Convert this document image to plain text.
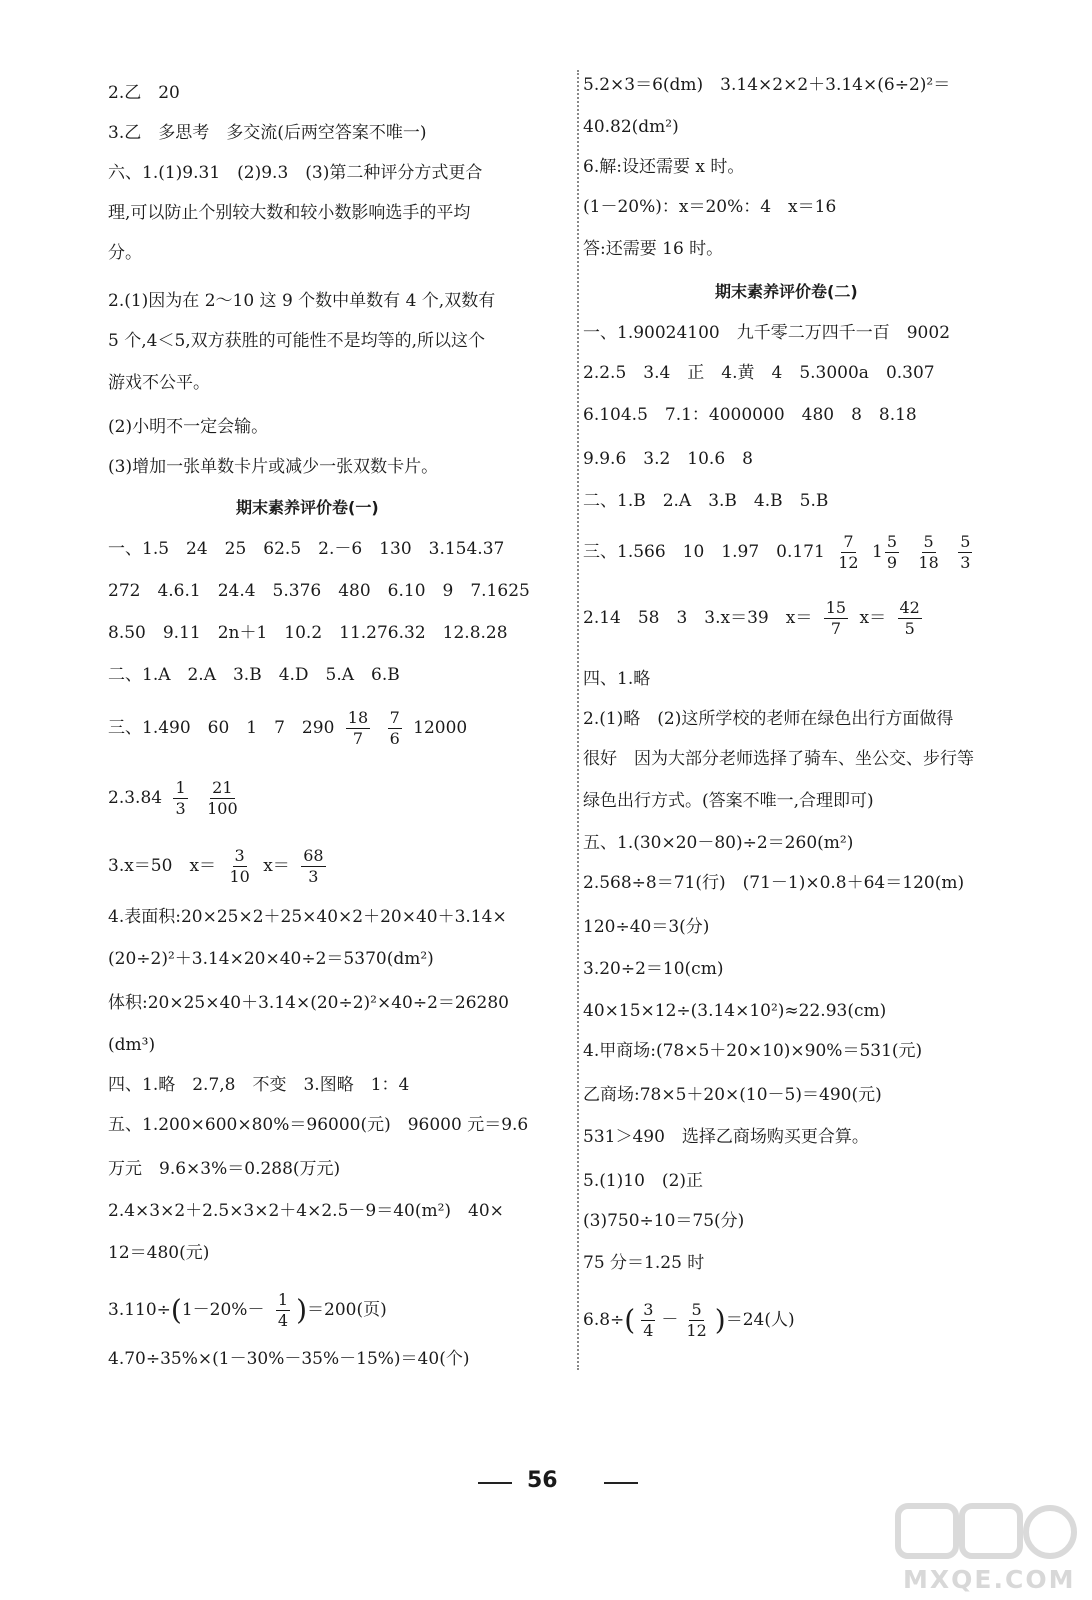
2.乙　20
3.乙　多思考　多交流(后两空答案不唯一)
六、1.(1)9.31　(2)9.3　(3)第二种评分方式更合
理,可以防止个别较大数和较小数影响选手的平均
分。
2.(1)因为在 2～10 这 9 个数中单数有 4 个,双数有
5 个,4＜5,双方获胜的可能性不是均等的,所以这个
游戏不公平。
(2)小明不一定会输。
(3)增加一张单数卡片或减少一张双数卡片。
期末素养评价卷(一)
一、1.5　24　25　62.5　2.－6　130　3.154.37
272　4.6.1　24.4　5.376　480　6.10　9　7.1625
8.50　9.11　2n＋1　10.2　11.276.32　12.8.28
二、1.A　2.A　3.B　4.D　5.A　6.B
三、1.490　60　1　7　$290 \frac{18}{7}$
$\frac{7}{6} 12000$
$2.3.84 \frac{1}{3}$
$\frac{21}{100}$
3.x＝50　$x= \frac{3}{10} x= \frac{68}{3}$
4.表面积:20×25×2＋25×40×2＋20×40＋3.14×
(20÷2)²＋3.14×20×40÷2＝5370(dm²)
体积:20×25×40＋3.14×(20÷2)²×40÷2＝26280
(dm³)
四、1.略　2.7,8　不变　3.图略　1：4
五、1.200×600×80%＝96000(元)　96000 元＝9.6
万元　9.6×3%＝0.288(万元)
2.4×3×2＋2.5×3×2＋4×2.5－9＝40(m²)　40×
12＝480(元)
$3.110\div(1-20\%- \frac{1}{4} )=200$(页)
4.70÷35%×(1－30%－35%－15%)＝40(个)
5.2×3＝6(dm)　3.14×2×2＋3.14×(6÷2)²＝
40.82(dm²)
6.解:设还需要 x 时。
(1－20%)：x＝20%：4　x＝16
答:还需要 16 时。
期末素养评价卷(二)
一、1.90024100　九千零二万四千一百　9002
2.2.5　3.4　正　4.黄　4　5.3000a　0.307
6.104.5　7.1：4000000　480　8　8.18
9.9.6　3.2　10.6　8
二、1.B　2.A　3.B　4.B　5.B
三、1.566　10　1.97　$0.171 \frac{7}{12} 1 \frac{5}{9}$
$\frac{5}{18}$
$\frac{5}{3}$
2.14　58　3　3.x＝39　$x= \frac{15}{7} x= \frac{42}{5}$
四、1.略
2.(1)略　(2)这所学校的老师在绿色出行方面做得
很好　因为大部分老师选择了骑车、坐公交、步行等
绿色出行方式。(答案不唯一,合理即可)
五、1.(30×20－80)÷2＝260(m²)
2.568÷8＝71(行)　(71－1)×0.8＋64＝120(m)
120÷40＝3(分)
3.20÷2＝10(cm)
40×15×12÷(3.14×10²)≈22.93(cm)
4.甲商场:(78×5＋20×10)×90%＝531(元)
乙商场:78×5＋20×(10－5)＝490(元)
531＞490　选择乙商场购买更合算。
5.(1)10　(2)正
(3)750÷10＝75(分)
75 分＝1.25 时
$6.8\div( \frac{3}{4} - \frac{5}{12} )=24$(人)
56
MXQE.COM
